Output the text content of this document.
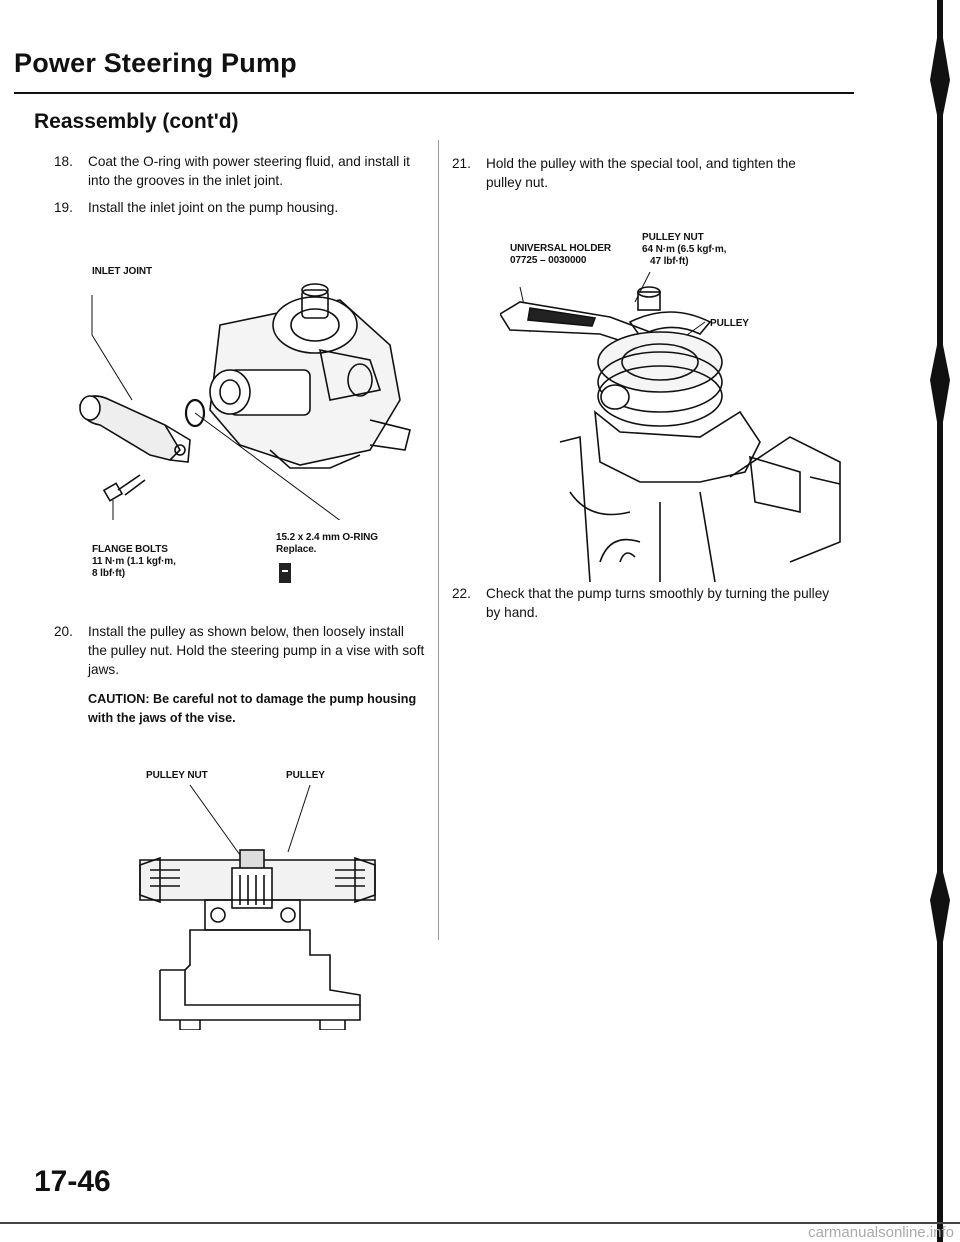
Power Steering Pump
Reassembly (cont'd)
18. Coat the O-ring with power steering fluid, and install it into the grooves in the inlet joint.
19. Install the inlet joint on the pump housing.
INLET JOINT
FLANGE BOLTS
11 N·m (1.1 kgf·m,
8 lbf·ft)
15.2 x 2.4 mm O-RING
Replace.
20. Install the pulley as shown below, then loosely install the pulley nut. Hold the steering pump in a vise with soft jaws.
CAUTION: Be careful not to damage the pump housing with the jaws of the vise.
PULLEY NUT	PULLEY
21. Hold the pulley with the special tool, and tighten the pulley nut.
PULLEY NUT
UNIVERSAL HOLDER
07725 – 0030000
64 N·m (6.5 kgf·m,
47 lbf·ft)
PULLEY
22. Check that the pump turns smoothly by turning the pulley by hand.
17-46
carmanualsonline.info
